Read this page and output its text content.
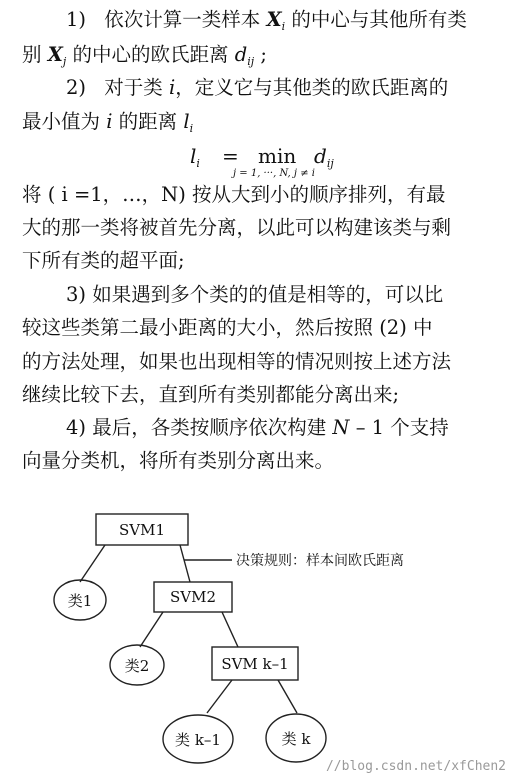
1) 依次计算一类样本 $X_i$ 的中心与其他所有类
别 $X_j$ 的中心的欧氏距离 $d_{ij}$ ;
2) 对于类 i，定义它与其他类的欧氏距离的
最小值为 i 的距离 $l_i$
$l_i = \min$
j = 1, ···, N, j ≠ i
$d_{ij}$
将 ( i =1，…，N) 按从大到小的顺序排列，有最
大的那一类将被首先分离，以此可以构建该类与剩
下所有类的超平面;
3) 如果遇到多个类的的值是相等的，可以比
较这些类第二最小距离的大小，然后按照 (2) 中
的方法处理，如果也出现相等的情况则按上述方法
继续比较下去，直到所有类别都能分离出来;
4) 最后，各类按顺序依次构建 N – 1 个支持
向量分类机，将所有类别分离出来。
SVM1
SVM2
SVM k–1
类1
类2
类 k–1	类 k
决策规则：样本间欧氏距离
//blog.csdn.net/xfChen2
